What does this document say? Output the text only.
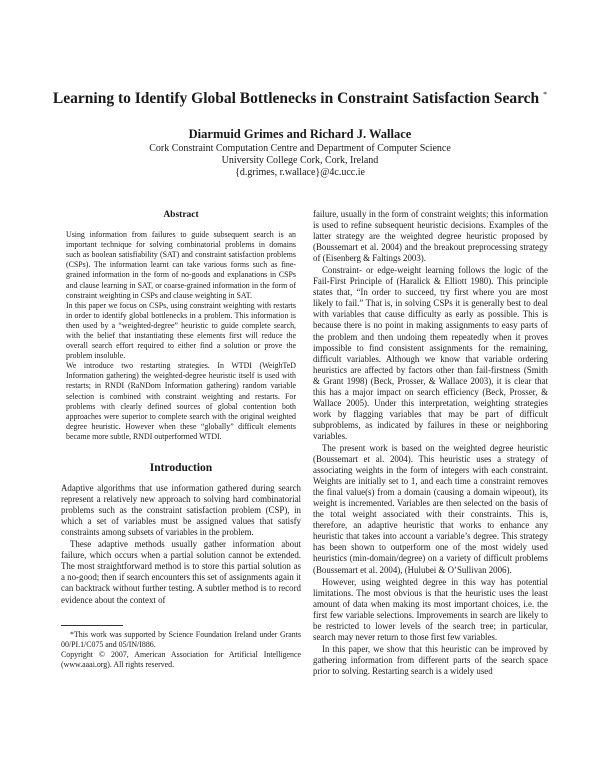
Learning to Identify Global Bottlenecks in Constraint Satisfaction Search *
Diarmuid Grimes and Richard J. Wallace
Cork Constraint Computation Centre and Department of Computer Science
University College Cork, Cork, Ireland
{d.grimes, r.wallace}@4c.ucc.ie
Abstract

Using information from failures to guide subsequent search is an important technique for solving combinatorial problems in domains such as boolean satisfiability (SAT) and constraint satisfaction problems (CSPs). The information learnt can take various forms such as fine-grained information in the form of no-goods and explanations in CSPs and clause learning in SAT, or coarse-grained information in the form of constraint weighting in CSPs and clause weighting in SAT.

In this paper we focus on CSPs, using constraint weighting with restarts in order to identify global bottlenecks in a problem. This information is then used by a “weighted-degree” heuristic to guide complete search, with the belief that instantiating these elements first will reduce the overall search effort required to either find a solution or prove the problem insoluble.

We introduce two restarting strategies. In WTDI (WeighTeD Information gathering) the weighted-degree heuristic itself is used with restarts; in RNDI (RaNDom Information gathering) random variable selection is combined with constraint weighting and restarts. For problems with clearly defined sources of global contention both approaches were superior to complete search with the original weighted degree heuristic. However when these “globally” difficult elements became more subtle, RNDI outperformed WTDI.

Introduction

Adaptive algorithms that use information gathered during search represent a relatively new approach to solving hard combinatorial problems such as the constraint satisfaction problem (CSP), in which a set of variables must be assigned values that satisfy constraints among subsets of variables in the problem.

These adaptive methods usually gather information about failure, which occurs when a partial solution cannot be extended. The most straightforward method is to store this partial solution as a no-good; then if search encounters this set of assignments again it can backtrack without further testing. A subtler method is to record evidence about the context of

*This work was supported by Science Foundation Ireland under Grants 00/PI.1/C075 and 05/IN/I886.

Copyright © 2007, American Association for Artificial Intelligence (www.aaai.org). All rights reserved.

failure, usually in the form of constraint weights; this information is used to refine subsequent heuristic decisions. Examples of the latter strategy are the weighted degree heuristic proposed by (Boussemart et al. 2004) and the breakout preprocessing strategy of (Eisenberg & Faltings 2003).

Constraint- or edge-weight learning follows the logic of the Fail-First Principle of (Haralick & Elliott 1980). This principle states that, “In order to succeed, try first where you are most likely to fail.” That is, in solving CSPs it is generally best to deal with variables that cause difficulty as early as possible. This is because there is no point in making assignments to easy parts of the problem and then undoing them repeatedly when it proves impossible to find consistent assignments for the remaining, difficult variables. Although we know that variable ordering heuristics are affected by factors other than fail-firstness (Smith & Grant 1998) (Beck, Prosser, & Wallace 2003), it is clear that this has a major impact on search efficiency (Beck, Prosser, & Wallace 2005). Under this interpretation, weighting strategies work by flagging variables that may be part of difficult subproblems, as indicated by failures in these or neighboring variables.

The present work is based on the weighted degree heuristic (Boussemart et al. 2004). This heuristic uses a strategy of associating weights in the form of integers with each constraint. Weights are initially set to 1, and each time a constraint removes the final value(s) from a domain (causing a domain wipeout), its weight is incremented. Variables are then selected on the basis of the total weight associated with their constraints. This is, therefore, an adaptive heuristic that works to enhance any heuristic that takes into account a variable’s degree. This strategy has been shown to outperform one of the most widely used heuristics (min-domain/degree) on a variety of difficult problems (Boussemart et al. 2004), (Hulubei & O’Sullivan 2006).

However, using weighted degree in this way has potential limitations. The most obvious is that the heuristic uses the least amount of data when making its most important choices, i.e. the first few variable selections. Improvements in search are likely to be restricted to lower levels of the search tree; in particular, search may never return to those first few variables.

In this paper, we show that this heuristic can be improved by gathering information from different parts of the search space prior to solving. Restarting search is a widely used
